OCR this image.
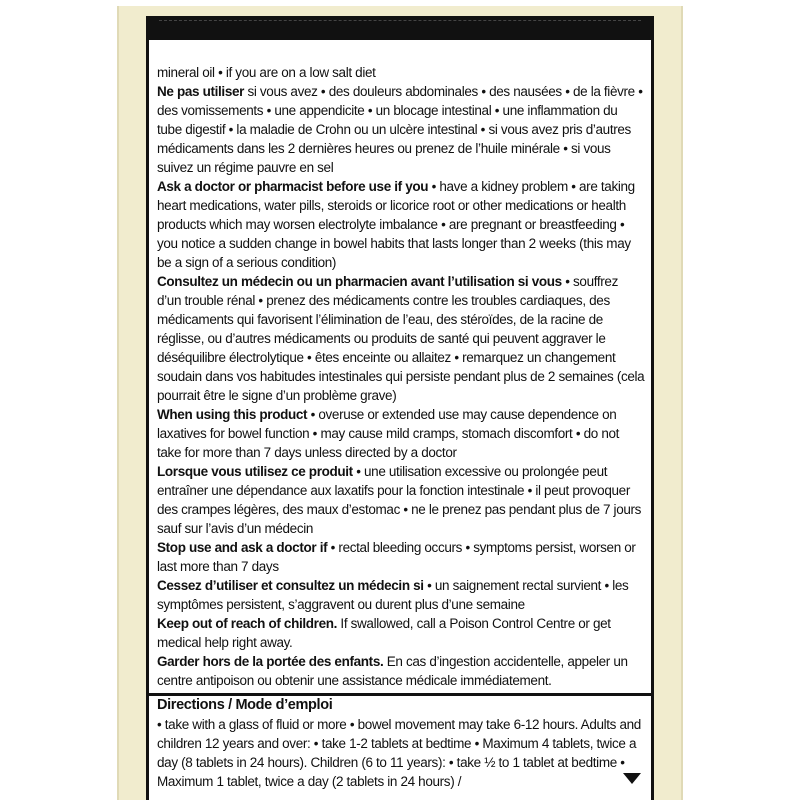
mineral oil • if you are on a low salt diet

Ne pas utiliser si vous avez • des douleurs abdominales • des nausées • de la fièvre • des vomissements • une appendicite • un blocage intestinal • une inflammation du tube digestif • la maladie de Crohn ou un ulcère intestinal • si vous avez pris d’autres médicaments dans les 2 dernières heures ou prenez de l’huile minérale • si vous suivez un régime pauvre en sel

Ask a doctor or pharmacist before use if you • have a kidney problem • are taking heart medications, water pills, steroids or licorice root or other medications or health products which may worsen electrolyte imbalance • are pregnant or breastfeeding • you notice a sudden change in bowel habits that lasts longer than 2 weeks (this may be a sign of a serious condition)

Consultez un médecin ou un pharmacien avant l’utilisation si vous • souffrez d’un trouble rénal • prenez des médicaments contre les troubles cardiaques, des médicaments qui favorisent l’élimination de l’eau, des stéroïdes, de la racine de réglisse, ou d’autres médicaments ou produits de santé qui peuvent aggraver le déséquilibre électrolytique • êtes enceinte ou allaitez • remarquez un changement soudain dans vos habitudes intestinales qui persiste pendant plus de 2 semaines (cela pourrait être le signe d’un problème grave)

When using this product • overuse or extended use may cause dependence on laxatives for bowel function • may cause mild cramps, stomach discomfort • do not take for more than 7 days unless directed by a doctor

Lorsque vous utilisez ce produit • une utilisation excessive ou prolongée peut entraîner une dépendance aux laxatifs pour la fonction intestinale • il peut provoquer des crampes légères, des maux d’estomac • ne le prenez pas pendant plus de 7 jours sauf sur l’avis d’un médecin

Stop use and ask a doctor if • rectal bleeding occurs • symptoms persist, worsen or last more than 7 days

Cessez d’utiliser et consultez un médecin si • un saignement rectal survient • les symptômes persistent, s’aggravent ou durent plus d’une semaine

Keep out of reach of children. If swallowed, call a Poison Control Centre or get medical help right away.

Garder hors de la portée des enfants. En cas d’ingestion accidentelle, appeler un centre antipoison ou obtenir une assistance médicale immédiatement.

Directions / Mode d’emploi

• take with a glass of fluid or more • bowel movement may take 6-12 hours. Adults and children 12 years and over: • take 1-2 tablets at bedtime • Maximum 4 tablets, twice a day (8 tablets in 24 hours). Children (6 to 11 years): • take ½ to 1 tablet at bedtime • Maximum 1 tablet, twice a day (2 tablets in 24 hours) /
